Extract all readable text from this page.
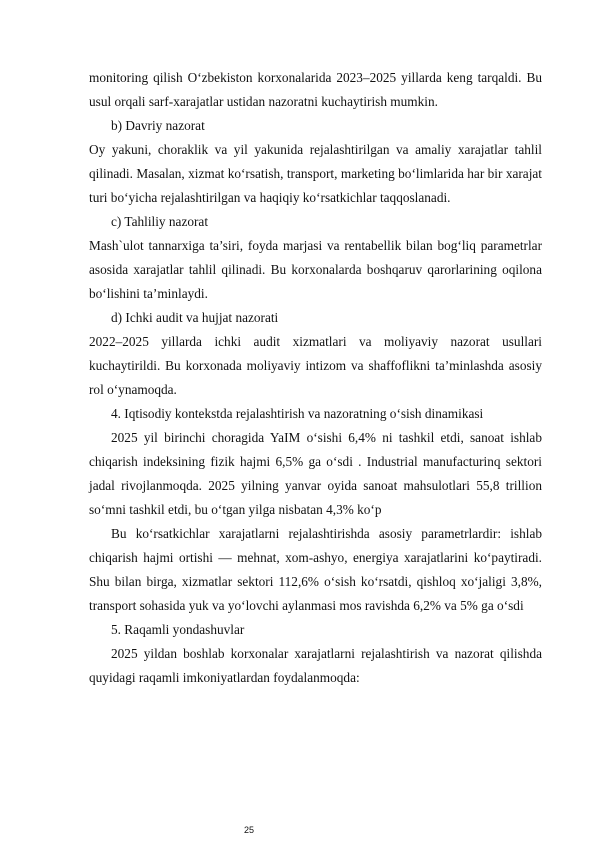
monitoring qilish O‘zbekiston korxonalarida 2023–2025 yillarda keng tarqaldi. Bu usul orqali sarf-xarajatlar ustidan nazoratni kuchaytirish mumkin.

b) Davriy nazorat

Oy yakuni, choraklik va yil yakunida rejalashtirilgan va amaliy xarajatlar tahlil qilinadi. Masalan, xizmat ko‘rsatish, transport, marketing bo‘limlarida har bir xarajat turi bo‘yicha rejalashtirilgan va haqiqiy ko‘rsatkichlar taqqoslanadi.

c) Tahliliy nazorat

Mash`ulot tannarxiga ta’siri, foyda marjasi va rentabellik bilan bog‘liq parametrlar asosida xarajatlar tahlil qilinadi. Bu korxonalarda boshqaruv qarorlarining oqilona bo‘lishini ta’minlaydi.

d) Ichki audit va hujjat nazorati

2022–2025 yillarda ichki audit xizmatlari va moliyaviy nazorat usullari kuchaytirildi. Bu korxonada moliyaviy intizom va shaffoflikni ta’minlashda asosiy rol o‘ynamoqda.

4. Iqtisodiy kontekstda rejalashtirish va nazoratning o‘sish dinamikasi

2025 yil birinchi choragida YaIM o‘sishi 6,4% ni tashkil etdi, sanoat ishlab chiqarish indeksining fizik hajmi 6,5% ga o‘sdi . Industrial manufacturinq sektori jadal rivojlanmoqda. 2025 yilning yanvar oyida sanoat mahsulotlari 55,8 trillion so‘mni tashkil etdi, bu o‘tgan yilga nisbatan 4,3% ko‘p

Bu ko‘rsatkichlar xarajatlarni rejalashtirishda asosiy parametrlardir: ishlab chiqarish hajmi ortishi — mehnat, xom-ashyo, energiya xarajatlarini ko‘paytiradi. Shu bilan birga, xizmatlar sektori 112,6% o‘sish ko‘rsatdi, qishloq xo‘jaligi 3,8%, transport sohasida yuk va yo‘lovchi aylanmasi mos ravishda 6,2% va 5% ga o‘sdi

5. Raqamli yondashuvlar

2025 yildan boshlab korxonalar xarajatlarni rejalashtirish va nazorat qilishda quyidagi raqamli imkoniyatlardan foydalanmoqda:

25
